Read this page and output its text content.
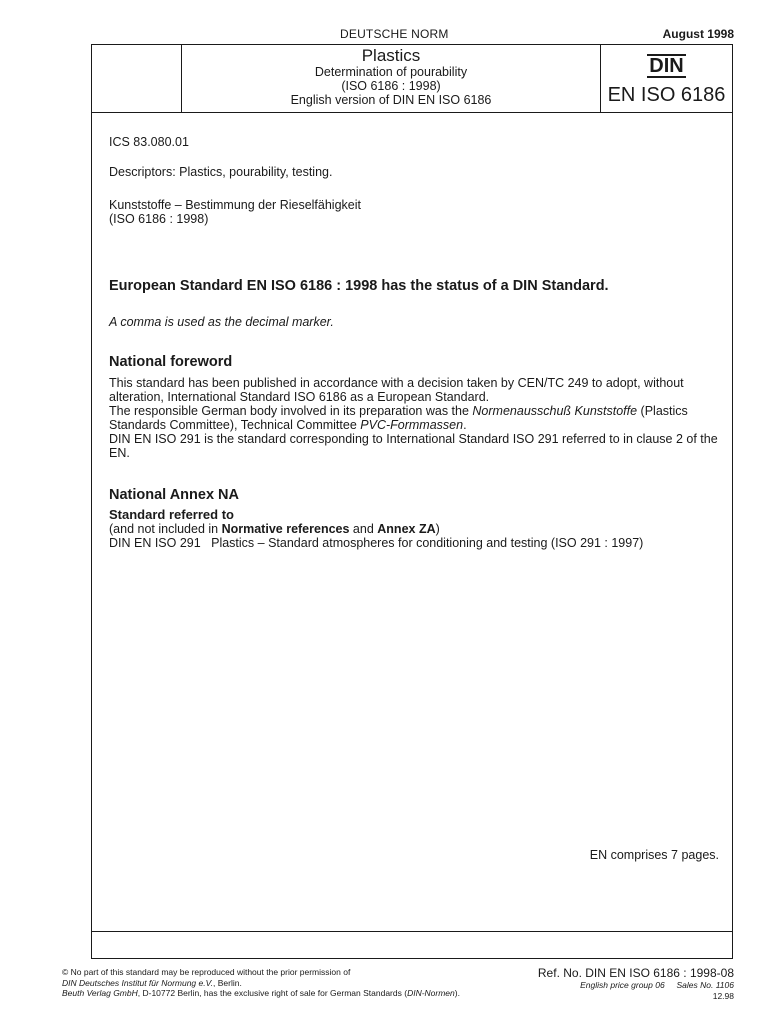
DEUTSCHE NORM	August 1998
Plastics
Determination of pourability
(ISO 6186 : 1998)
English version of DIN EN ISO 6186
DIN
EN ISO 6186
ICS 83.080.01
Descriptors: Plastics, pourability, testing.
Kunststoffe – Bestimmung der Rieselfähigkeit
(ISO 6186 : 1998)
European Standard EN ISO 6186 : 1998 has the status of a DIN Standard.
A comma is used as the decimal marker.
National foreword

This standard has been published in accordance with a decision taken by CEN/TC 249 to adopt, without alteration, International Standard ISO 6186 as a European Standard.

The responsible German body involved in its preparation was the Normenausschuß Kunststoffe (Plastics Standards Committee), Technical Committee PVC-Formmassen.

DIN EN ISO 291 is the standard corresponding to International Standard ISO 291 referred to in clause 2 of the EN.

National Annex NA
Standard referred to
(and not included in Normative references and Annex ZA)
DIN EN ISO 291   Plastics – Standard atmospheres for conditioning and testing (ISO 291 : 1997)
EN comprises 7 pages.
© No part of this standard may be reproduced without the prior permission of
DIN Deutsches Institut für Normung e.V., Berlin.
Beuth Verlag GmbH, D-10772 Berlin, has the exclusive right of sale for German Standards (DIN-Normen).
Ref. No. DIN EN ISO 6186 : 1998-08
English price group 06     Sales No. 1106
12.98
